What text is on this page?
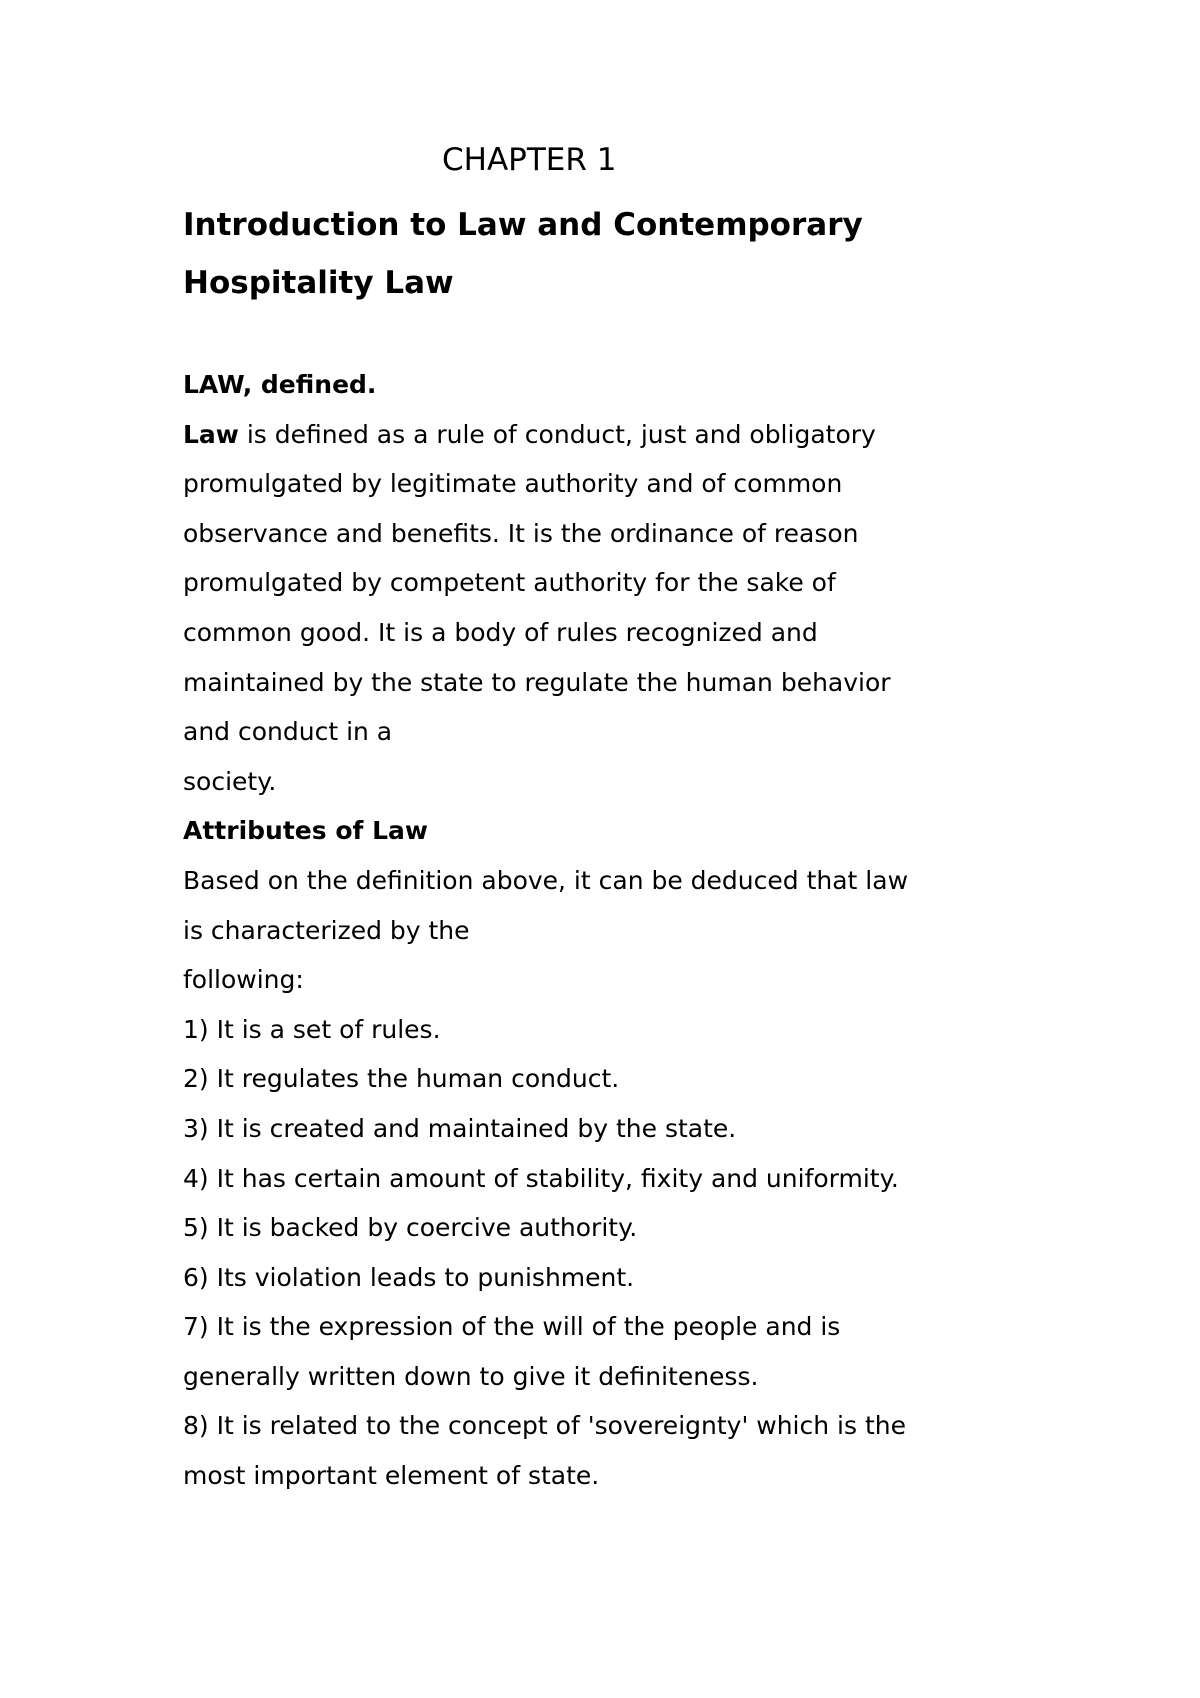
CHAPTER 1
Introduction to Law and Contemporary
Hospitality Law
LAW, defined.
Law is defined as a rule of conduct, just and obligatory
promulgated by legitimate authority and of common
observance and benefits. It is the ordinance of reason
promulgated by competent authority for the sake of
common good. It is a body of rules recognized and
maintained by the state to regulate the human behavior
and conduct in a
society.
Attributes of Law
Based on the definition above, it can be deduced that law
is characterized by the
following:
1) It is a set of rules.
2) It regulates the human conduct.
3) It is created and maintained by the state.
4) It has certain amount of stability, fixity and uniformity.
5) It is backed by coercive authority.
6) Its violation leads to punishment.
7) It is the expression of the will of the people and is
generally written down to give it definiteness.
8) It is related to the concept of 'sovereignty' which is the
most important element of state.
